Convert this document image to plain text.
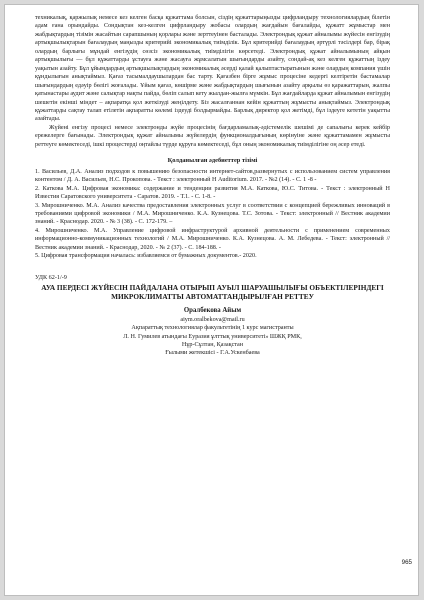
техникалық, қаржылық немесе кез келген басқа құжаттама болсын, сіздің құжаттарыңызды цифрландыру технологиялардың білетін адам ғана орындайды. Сондықтан кез-келген цифрландыру жобасы олардың жағдайын бағалайды, құжатт жұмыстар мен жабдықтардың тізімін жасайтын сарапшының қорлары және зерттеуінен басталады. Электрондық құжат айналымы жүйесін енгізудің артықшылықтарын бағалаудың маңызды критерийі экономикалық тиімділік. Бұл критерийді бағалаудың әртүрлі тәсілдері бар, бірақ олардың барлығы мұндай енгізудің сөзсіз экономикалық тиімділігін көрсетеді. Электрондық құжат айналымының айқын артықшылығы — бұл құжаттарды ұстауға және жасауға жұмсалатын шығындарды азайту, сондай-ақ кез келген құжаттың іздеу уақытын азайту. Бұл ұйымдардың артықшылықтардың экономикалық әсерді қалай қалыптастыратынын және олардың компания үшін құндылығын анықтаймыз. Қағаз тасымалдаушылардан бас тарту. Қағазбен бірге жұмыс процесіне кедергі келтіретін бастамалар шығындардың едәуір бөлігі жоғалады. Ұйым қағаз, көшірме және жабдықтардың шығынын азайту арқылы өз қаражаттарын, жалпы қатынастары аудит және салықтар нақты пайда, бөліп салып кету жылдан-жылға мүмкін. Бұл жағдайларда құжат айналымын енгізудің шешетін екінші міндет – ақпаратқа қол жеткізуді жеңілдету. Біз жасалғаннан кейін құжаттың жұмысты анықтаймыз. Электрондық құжаттарды сақтау талап етілетін ақпаратты көлемі іздеуді болдырмайды. Барлық директор қол жетімді, бұл іздеуге кететін уақытты азайтады.

Жүйені енгізу процесі немесе электронды жүйе процесінің бағдарламалық-әдістемелік шешімі де сапалығы керек кейбір ережелерге бағынады. Электрондық құжат айналымы жүйелердің функционалдығының көрінуіне және құжаттамамен жұмысты реттеуге көмектеседі, ішкі процестерді оңтайлы түрде құруға көмектеседі, бұл оның экономикалық тиімділігіне оң әсер етеді.

Қолданылған әдебиеттер тізімі
1. Васильев, Д.А. Анализ подходов к повышению безопасности интернет-сайтов,развернутых с использованием систем управления контентом / Д. А. Васильев, Н.С. Прокопова. - Текст : электронный Н Auditorium. 2017. - №2 (14). - С. 1 -8 -
2. Каткова М.А. Цифровая экономика: содержание и тенденции развития М.А. Каткова, Ю.С. Титова. - Текст : электронный Н Известия Саратовского университета - Саратов. 2019. - Т.1. - С. 1-8. -
3. Мирошниченко. М.А. Анализ качества предоставления электронных услуг в соответствии с концепцией бережливых инноваций в требованиями цифровой экономики / М.А. Мирошниченко. К.А. Кузнецова. Т.С. Зотова. - Текст: электронный // Вестник академии знаний. - Краснодар. 2020. - № 3 (38). - С. 172-179. –
4. Мирошниченко. М.А. Управление цифровой инфраструктурой архивной деятельности с применением современных информационно-коммуникационных технологий / М.А. Мирошниченко. К.А. Кузнецова. А. М. Лебедева. - Текст: электронный // Вестник академии знаний. - Краснодар, 2020. - № 2 (37). - С. 184-188. -
5. Цифровая трансформация началась: избавляемся от бумажных документов.- 2020.
УДК 62-1/-9
АУА ПЕРДЕСІ ЖҮЙЕСІН ПАЙДАЛАНА ОТЫРЫП АУЫЛ ШАРУАШЫЛЫҒЫ ОБЪЕКТІЛЕРІНДЕГІ МИКРОКЛИМАТТЫ АВТОМАТТАНДЫРЫЛҒАН РЕТТЕУ
Оралбекова Айым
aiym.oralbekova@mail.ru
Ақпараттық технологиялар факультетінің 1 курс магистранты
Л. Н. Гумилев атындағы Еуразия ұлттық университеті» ШЖҚ РМК,
Нұр-Сұлтан, Қазақстан
Ғылыми жетекшісі - Г.А.Ускенбаева
965
